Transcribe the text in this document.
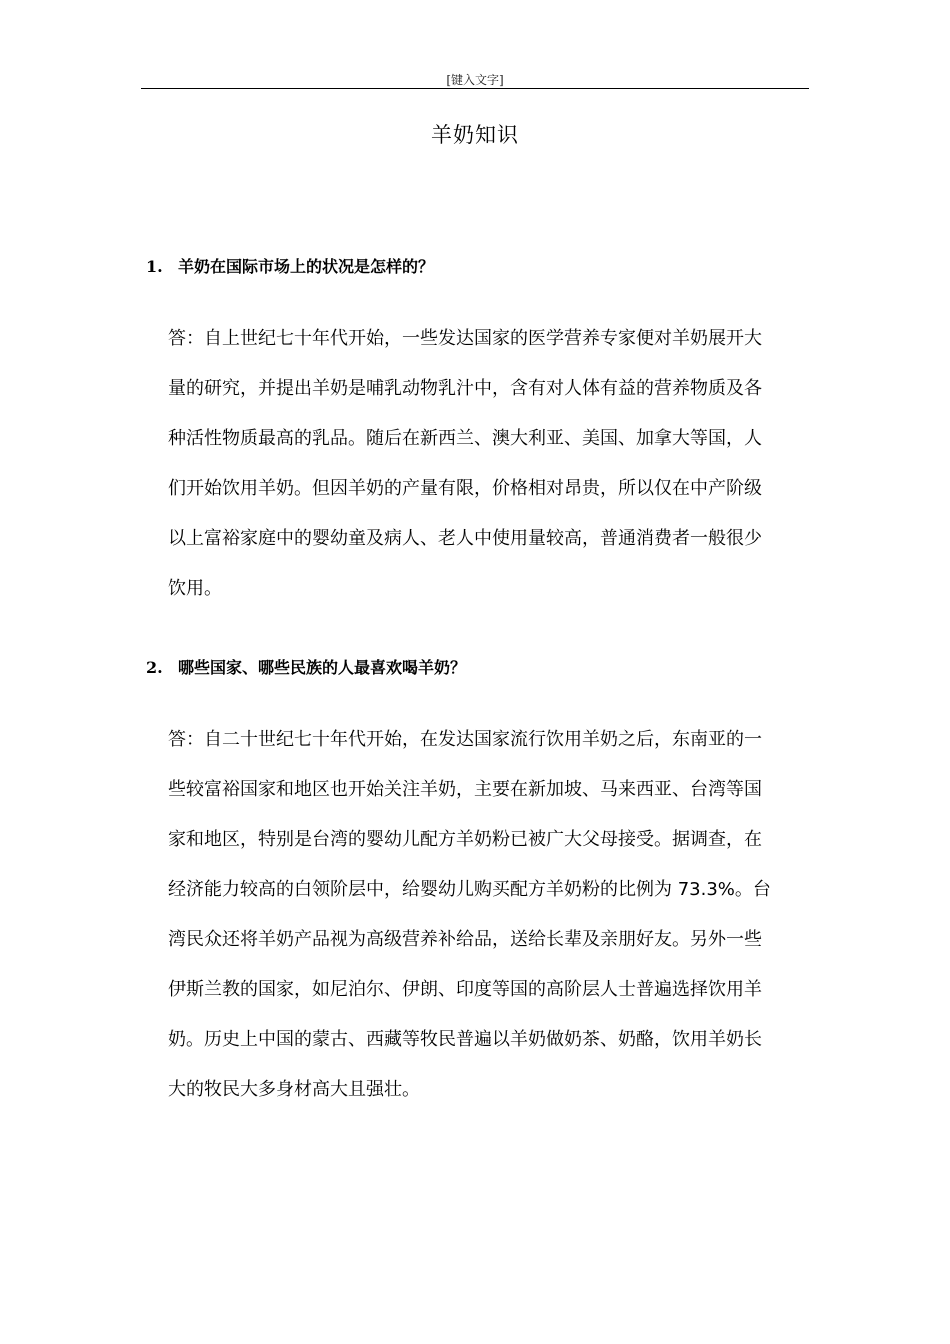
[键入文字]
羊奶知识
1. 羊奶在国际市场上的状况是怎样的？
答：自上世纪七十年代开始，一些发达国家的医学营养专家便对羊奶展开大
量的研究，并提出羊奶是哺乳动物乳汁中，含有对人体有益的营养物质及各
种活性物质最高的乳品。随后在新西兰、澳大利亚、美国、加拿大等国，人
们开始饮用羊奶。但因羊奶的产量有限，价格相对昂贵，所以仅在中产阶级
以上富裕家庭中的婴幼童及病人、老人中使用量较高，普通消费者一般很少
饮用。
2. 哪些国家、哪些民族的人最喜欢喝羊奶？
答：自二十世纪七十年代开始，在发达国家流行饮用羊奶之后，东南亚的一
些较富裕国家和地区也开始关注羊奶，主要在新加坡、马来西亚、台湾等国
家和地区，特别是台湾的婴幼儿配方羊奶粉已被广大父母接受。据调查，在
经济能力较高的白领阶层中，给婴幼儿购买配方羊奶粉的比例为 73.3%。台
湾民众还将羊奶产品视为高级营养补给品，送给长辈及亲朋好友。另外一些
伊斯兰教的国家，如尼泊尔、伊朗、印度等国的高阶层人士普遍选择饮用羊
奶。历史上中国的蒙古、西藏等牧民普遍以羊奶做奶茶、奶酪，饮用羊奶长
大的牧民大多身材高大且强壮。
